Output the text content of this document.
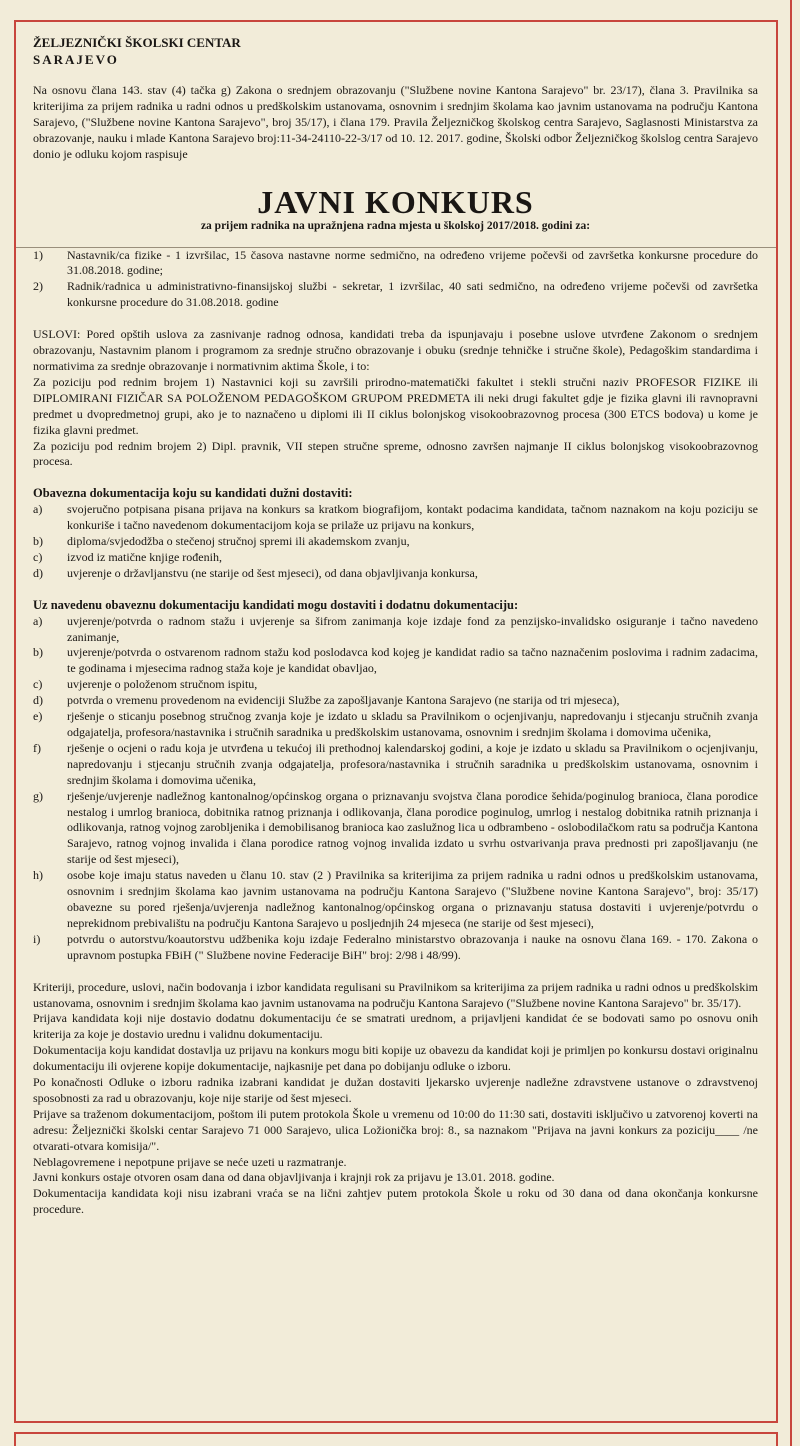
ŽELJEZNIČKI ŠKOLSKI CENTAR
SARAJEVO

Na osnovu člana 143. stav (4) tačka g) Zakona o srednjem obrazovanju ("Službene novine Kantona Sarajevo" br. 23/17), člana 3. Pravilnika sa kriterijima za prijem radnika u radni odnos u predškolskim ustanovama, osnovnim i srednjim školama kao javnim ustanovama na području Kantona Sarajevo, ("Službene novine Kantona Sarajevo", broj 35/17), i člana 179. Pravila Željezničkog školskog centra Sarajevo, Saglasnosti Ministarstva za obrazovanje, nauku i mlade Kantona Sarajevo broj:11-34-24110-22-3/17 od 10. 12. 2017. godine, Školski odbor Željezničkog školslog centra Sarajevo donio je odluku kojom raspisuje

JAVNI KONKURS
za prijem radnika na upražnjena radna mjesta u školskoj 2017/2018. godini za:
1)	Nastavnik/ca fizike - 1 izvršilac, 15 časova nastavne norme sedmično, na određeno vrijeme počevši od završetka konkursne procedure do 31.08.2018. godine;
2)	Radnik/radnica u administrativno-finansijskoj službi - sekretar, 1 izvršilac, 40 sati sedmično, na određeno vrijeme počevši od završetka konkursne procedure do 31.08.2018. godine

USLOVI: Pored opštih uslova za zasnivanje radnog odnosa, kandidati treba da ispunjavaju i posebne uslove utvrđene Zakonom o srednjem obrazovanju, Nastavnim planom i programom za srednje stručno obrazovanje i obuku (srednje tehničke i stručne škole), Pedagoškim standardima i normativima za srednje obrazovanje i normativnim aktima Škole, i to:

Za poziciju pod rednim brojem 1) Nastavnici koji su završili prirodno-matematički fakultet i stekli stručni naziv PROFESOR FIZIKE ili DIPLOMIRANI FIZIČAR SA POLOŽENOM PEDAGOŠKOM GRUPOM PREDMETA ili neki drugi fakultet gdje je fizika glavni ili ravnopravni predmet u dvopredmetnoj grupi, ako je to naznačeno u diplomi ili II ciklus bolonjskog visokoobrazovnog procesa (300 ETCS bodova) u kome je fizika glavni predmet.

Za poziciju pod rednim brojem 2) Dipl. pravnik, VII stepen stručne spreme, odnosno završen najmanje II ciklus bolonjskog visokoobrazovnog procesa.

Obavezna dokumentacija koju su kandidati dužni dostaviti:
a)	svojeručno potpisana pisana prijava na konkurs sa kratkom biografijom, kontakt podacima kandidata, tačnom naznakom na koju poziciju se konkuriše i tačno navedenom dokumentacijom koja se prilaže uz prijavu na konkurs,
b)	diploma/svjedodžba o stečenoj stručnoj spremi ili akademskom zvanju,
c)	izvod iz matične knjige rođenih,
d)	uvjerenje o državljanstvu (ne starije od šest mjeseci), od dana objavljivanja konkursa,
Uz navedenu obaveznu dokumentaciju kandidati mogu dostaviti i dodatnu dokumentaciju:
a)	uvjerenje/potvrda o radnom stažu i uvjerenje sa šifrom zanimanja koje izdaje fond za penzijsko-invalidsko osiguranje i tačno navedeno zanimanje,
b)	uvjerenje/potvrda o ostvarenom radnom stažu kod poslodavca kod kojeg je kandidat radio sa tačno naznačenim poslovima i radnim zadacima, te godinama i mjesecima radnog staža koje je kandidat obavljao,
c)	uvjerenje o položenom stručnom ispitu,
d)	potvrda o vremenu provedenom na evidenciji Službe za zapošljavanje Kantona Sarajevo (ne starija od tri mjeseca),
e)	rješenje o sticanju posebnog stručnog zvanja koje je izdato u skladu sa Pravilnikom o ocjenjivanju, napredovanju i stjecanju stručnih zvanja odgajatelja, profesora/nastavnika i stručnih saradnika u predškolskim ustanovama, osnovnim i srednjim školama i domovima učenika,
f)	rješenje o ocjeni o radu koja je utvrđena u tekućoj ili prethodnoj kalendarskoj godini, a koje je izdato u skladu sa Pravilnikom o ocjenjivanju, napredovanju i stjecanju stručnih zvanja odgajatelja, profesora/nastavnika i stručnih saradnika u predškolskim ustanovama, osnovnim i srednjim školama i domovima učenika,
g)	rješenje/uvjerenje nadležnog kantonalnog/općinskog organa o priznavanju svojstva člana porodice šehida/poginulog branioca, člana porodice nestalog i umrlog branioca, dobitnika ratnog priznanja i odlikovanja, člana porodice poginulog, umrlog i nestalog dobitnika ratnih priznanja i odlikovanja, ratnog vojnog zarobljenika i demobilisanog branioca kao zaslužnog lica u odbrambeno - oslobodilačkom ratu sa područja Kantona Sarajevo, ratnog vojnog invalida i člana porodice ratnog vojnog invalida izdato u svrhu ostvarivanja prava prednosti pri zapošljavanju (ne starije od šest mjeseci),
h)	osobe koje imaju status naveden u članu 10. stav (2 ) Pravilnika sa kriterijima za prijem radnika u radni odnos u predškolskim ustanovama, osnovnim i srednjim školama kao javnim ustanovama na području Kantona Sarajevo ("Službene novine Kantona Sarajevo", broj: 35/17) obavezne su pored rješenja/uvjerenja nadležnog kantonalnog/općinskog organa o priznavanju statusa dostaviti i uvjerenje/potvrdu o neprekidnom prebivalištu na području Kantona Sarajevo u posljednjih 24 mjeseca (ne starije od šest mjeseci),
i)	potvrdu o autorstvu/koautorstvu udžbenika koju izdaje Federalno ministarstvo obrazovanja i nauke na osnovu člana 169. - 170. Zakona o upravnom postupka FBiH (" Službene novine Federacije BiH" broj: 2/98 i 48/99).

Kriteriji, procedure, uslovi, način bodovanja i izbor kandidata regulisani su Pravilnikom sa kriterijima za prijem radnika u radni odnos u predškolskim ustanovama, osnovnim i srednjim školama kao javnim ustanovama na području Kantona Sarajevo ("Službene novine Kantona Sarajevo" br. 35/17).

Prijava kandidata koji nije dostavio dodatnu dokumentaciju će se smatrati urednom, a prijavljeni kandidat će se bodovati samo po osnovu onih kriterija za koje je dostavio urednu i validnu dokumentaciju.

Dokumentacija koju kandidat dostavlja uz prijavu na konkurs mogu biti kopije uz obavezu da kandidat koji je primljen po konkursu dostavi originalnu dokumentaciju ili ovjerene kopije dokumentacije, najkasnije pet dana po dobijanju odluke o izboru.

Po konačnosti Odluke o izboru radnika izabrani kandidat je dužan dostaviti ljekarsko uvjerenje nadležne zdravstvene ustanove o zdravstvenoj sposobnosti za rad u obrazovanju, koje nije starije od šest mjeseci.

Prijave sa traženom dokumentacijom, poštom ili putem protokola Škole u vremenu od 10:00 do 11:30 sati, dostaviti isključivo u zatvorenoj koverti na adresu: Željeznički školski centar Sarajevo 71 000 Sarajevo, ulica Ložionička broj: 8., sa naznakom "Prijava na javni konkurs za poziciju____ /ne otvarati-otvara komisija/".

Neblagovremene i nepotpune prijave se neće uzeti u razmatranje.

Javni konkurs ostaje otvoren osam dana od dana objavljivanja i krajnji rok za prijavu je 13.01. 2018. godine.

Dokumentacija kandidata koji nisu izabrani vraća se na lični zahtjev putem protokola Škole u roku od 30 dana od dana okončanja konkursne procedure.
